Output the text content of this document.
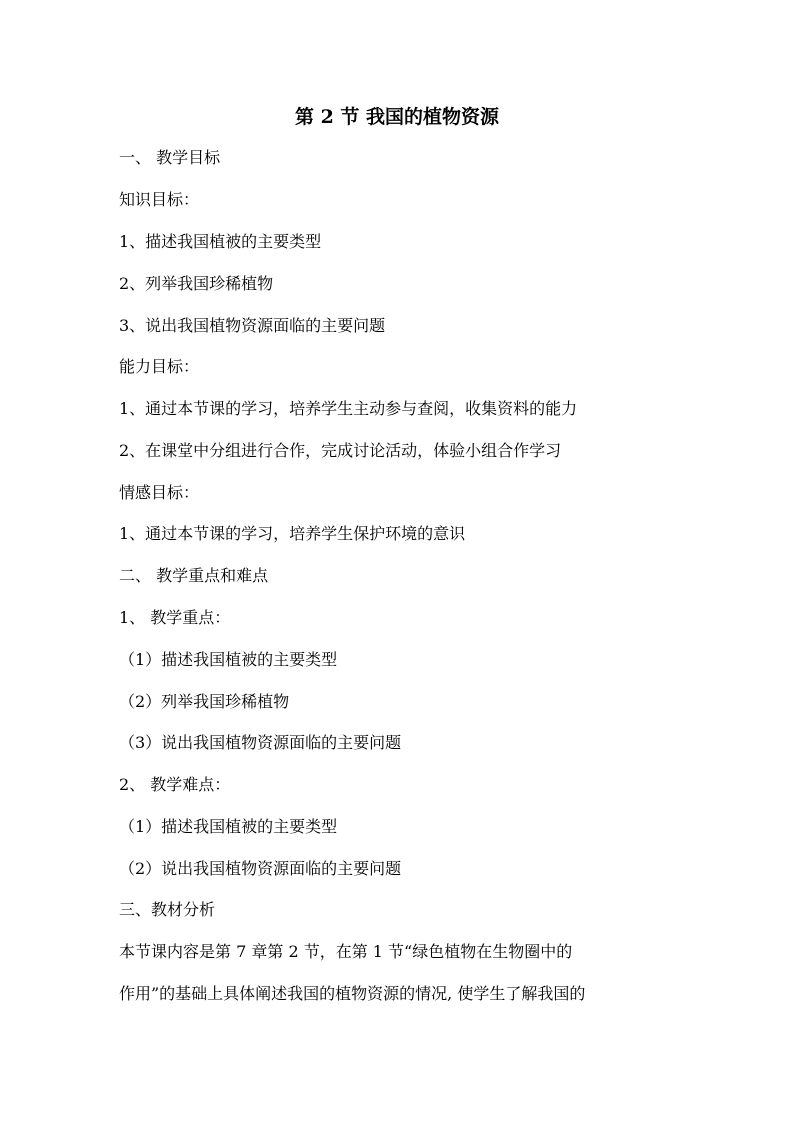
第 2 节 我国的植物资源
一、 教学目标
知识目标：
1、描述我国植被的主要类型
2、列举我国珍稀植物
3、说出我国植物资源面临的主要问题
能力目标：
1、通过本节课的学习，培养学生主动参与查阅，收集资料的能力
2、在课堂中分组进行合作，完成讨论活动，体验小组合作学习
情感目标：
1、通过本节课的学习，培养学生保护环境的意识
二、 教学重点和难点
1、 教学重点：
（1）描述我国植被的主要类型
（2）列举我国珍稀植物
（3）说出我国植物资源面临的主要问题
2、 教学难点：
（1）描述我国植被的主要类型
（2）说出我国植物资源面临的主要问题
三、教材分析
本节课内容是第 7 章第 2 节，在第 1 节“绿色植物在生物圈中的
作用”的基础上具体阐述我国的植物资源的情况, 使学生了解我国的
